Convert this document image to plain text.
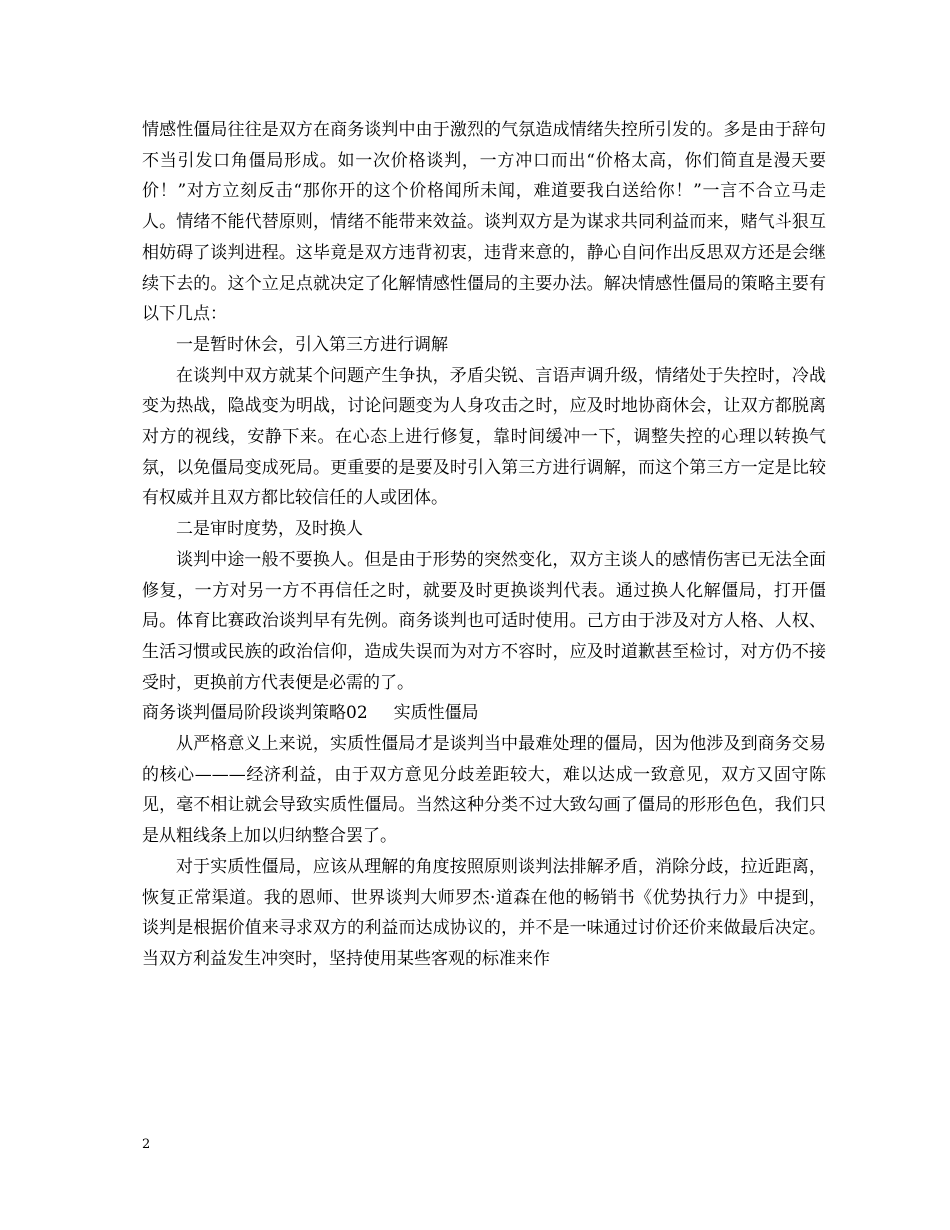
情感性僵局往往是双方在商务谈判中由于激烈的气氛造成情绪失控所引发的。多是由于辞句不当引发口角僵局形成。如一次价格谈判，一方冲口而出“价格太高，你们简直是漫天要价！”对方立刻反击“那你开的这个价格闻所未闻，难道要我白送给你！”一言不合立马走人。情绪不能代替原则，情绪不能带来效益。谈判双方是为谋求共同利益而来，赌气斗狠互相妨碍了谈判进程。这毕竟是双方违背初衷，违背来意的，静心自问作出反思双方还是会继续下去的。这个立足点就决定了化解情感性僵局的主要办法。解决情感性僵局的策略主要有以下几点：

一是暂时休会，引入第三方进行调解

在谈判中双方就某个问题产生争执，矛盾尖锐、言语声调升级，情绪处于失控时，冷战变为热战，隐战变为明战，讨论问题变为人身攻击之时，应及时地协商休会，让双方都脱离对方的视线，安静下来。在心态上进行修复，靠时间缓冲一下，调整失控的心理以转换气氛，以免僵局变成死局。更重要的是要及时引入第三方进行调解，而这个第三方一定是比较有权威并且双方都比较信任的人或团体。

二是审时度势，及时换人

谈判中途一般不要换人。但是由于形势的突然变化，双方主谈人的感情伤害已无法全面修复，一方对另一方不再信任之时，就要及时更换谈判代表。通过换人化解僵局，打开僵局。体育比赛政治谈判早有先例。商务谈判也可适时使用。己方由于涉及对方人格、人权、生活习惯或民族的政治信仰，造成失误而为对方不容时，应及时道歉甚至检讨，对方仍不接受时，更换前方代表便是必需的了。

商务谈判僵局阶段谈判策略02 实质性僵局

从严格意义上来说，实质性僵局才是谈判当中最难处理的僵局，因为他涉及到商务交易的核心———经济利益，由于双方意见分歧差距较大，难以达成一致意见，双方又固守陈见，毫不相让就会导致实质性僵局。当然这种分类不过大致勾画了僵局的形形色色，我们只是从粗线条上加以归纳整合罢了。

对于实质性僵局，应该从理解的角度按照原则谈判法排解矛盾，消除分歧，拉近距离，恢复正常渠道。我的恩师、世界谈判大师罗杰·道森在他的畅销书《优势执行力》中提到，谈判是根据价值来寻求双方的利益而达成协议的，并不是一味通过讨价还价来做最后决定。当双方利益发生冲突时，坚持使用某些客观的标准来作

2
